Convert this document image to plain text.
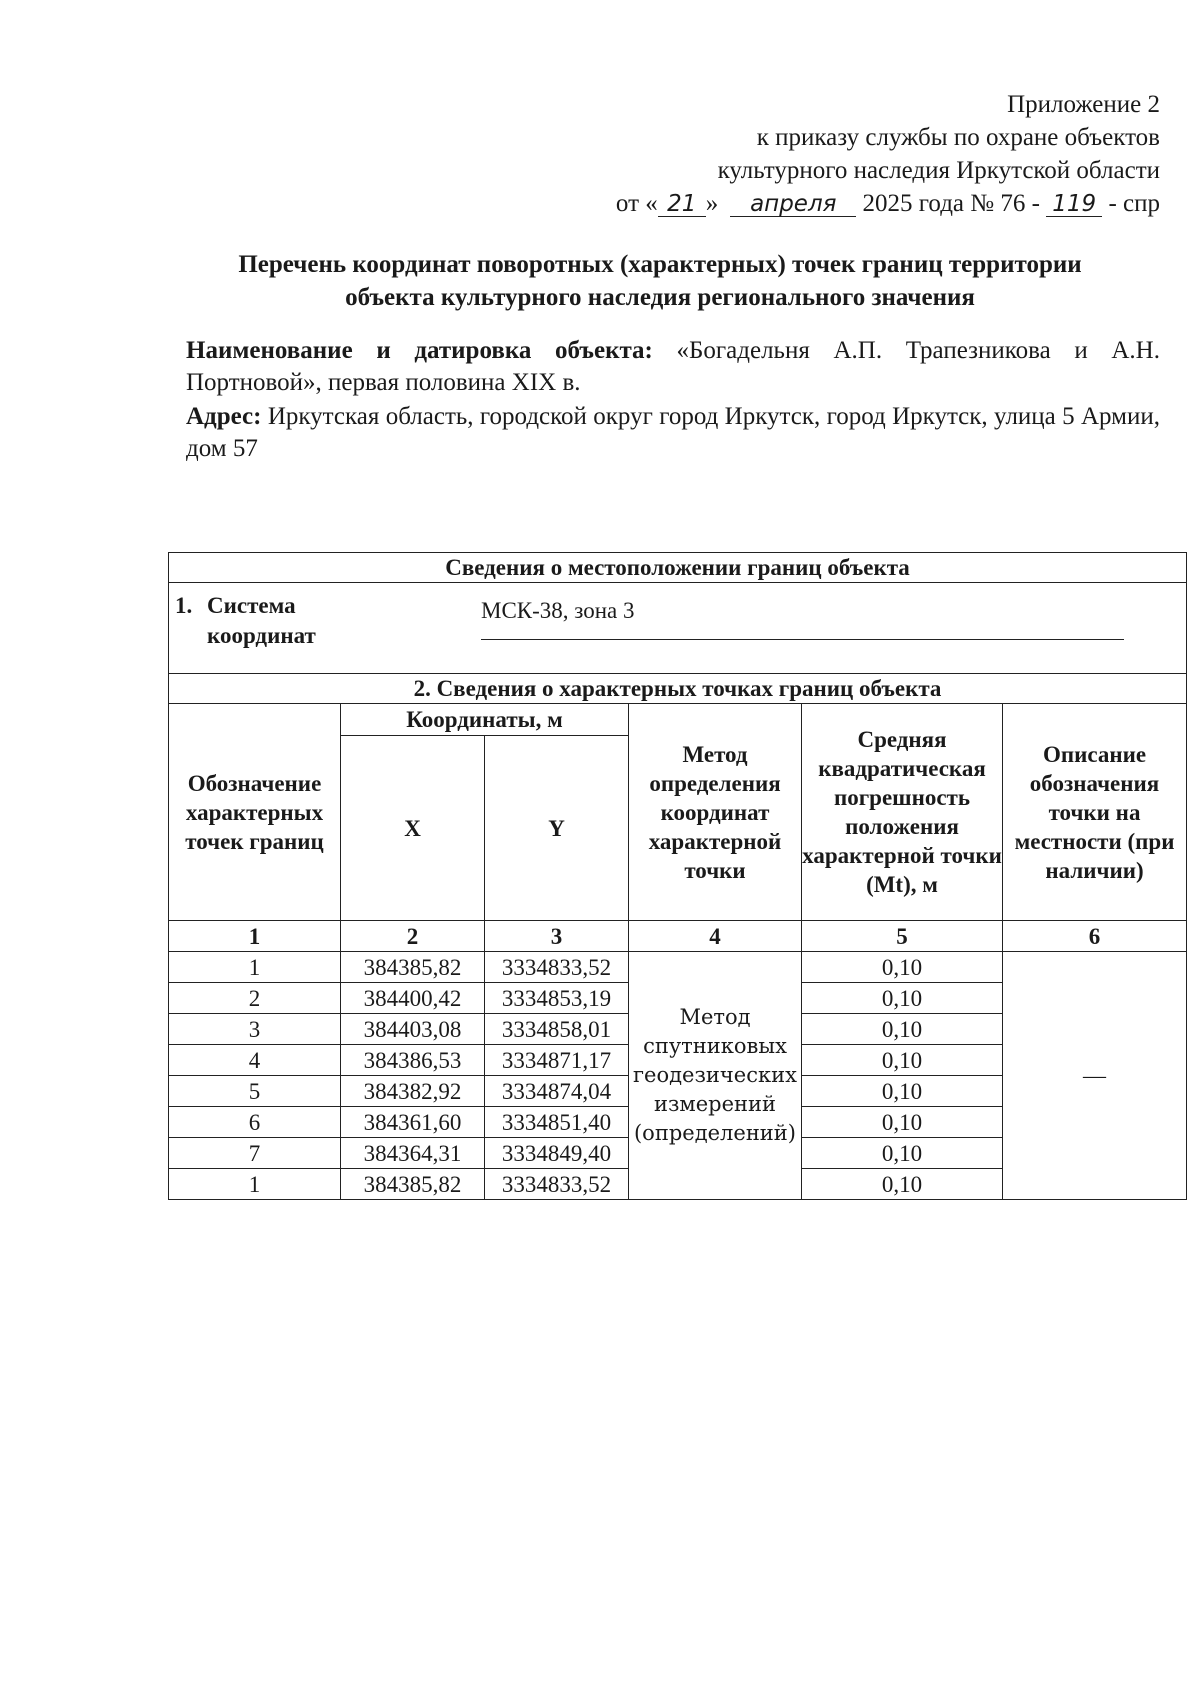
Приложение 2
к приказу службы по охране объектов
культурного наследия Иркутской области
от « 21 » апреля 2025 года № 76 - 119 - спр
Перечень координат поворотных (характерных) точек границ территории
объекта культурного наследия регионального значения
Наименование и датировка объекта: «Богадельня А.П. Трапезникова и А.Н. Портновой», первая половина XIX в.
Адрес: Иркутская область, городской округ город Иркутск, город Иркутск, улица 5 Армии, дом 57
Сведения о местоположении границ объекта					

1. Система
координат
МСК-38, зона 3					

2. Сведения о характерных точках границ объекта					
Обозначение характерных точек границ	Координаты, м		Метод определения координат характерной точки	Средняя квадратическая погрешность положения характерной точки (Mt), м	Описание обозначения точки на местности (при наличии)
	X	Y			
1	2	3	4	5	6
1	384385,82	3334833,52	Метод спутниковых геодезических измерений (определений)	0,10	—
2	384400,42	3334853,19		0,10	
3	384403,08	3334858,01		0,10	
4	384386,53	3334871,17		0,10	
5	384382,92	3334874,04		0,10	
6	384361,60	3334851,40		0,10	
7	384364,31	3334849,40		0,10	
1	384385,82	3334833,52		0,10	
